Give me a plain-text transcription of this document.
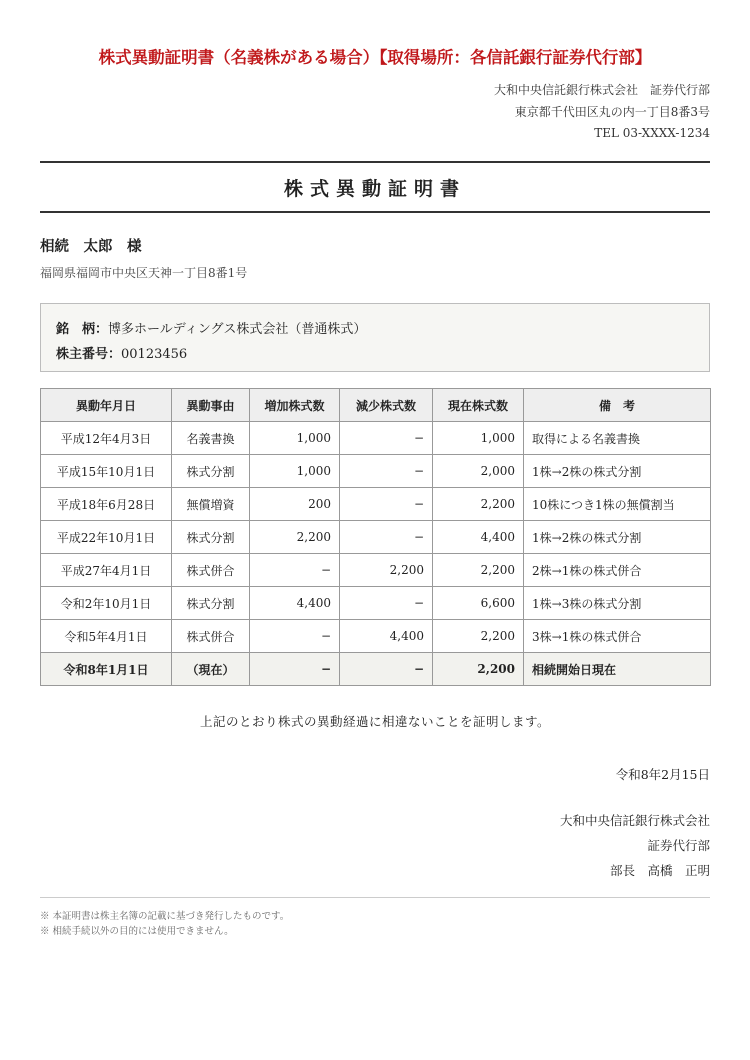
株式異動証明書（名義株がある場合）【取得場所：各信託銀行証券代行部】
大和中央信託銀行株式会社　証券代行部
東京都千代田区丸の内一丁目8番3号
TEL 03-XXXX-1234
株式異動証明書
相続　太郎　様
福岡県福岡市中央区天神一丁目8番1号
銘　柄：博多ホールディングス株式会社（普通株式）
株主番号：00123456
異動年月日	異動事由	増加株式数	減少株式数	現在株式数	備　考
平成12年4月3日	名義書換	1,000	−	1,000	取得による名義書換
平成15年10月1日	株式分割	1,000	−	2,000	1株→2株の株式分割
平成18年6月28日	無償増資	200	−	2,200	10株につき1株の無償割当
平成22年10月1日	株式分割	2,200	−	4,400	1株→2株の株式分割
平成27年4月1日	株式併合	−	2,200	2,200	2株→1株の株式併合
令和2年10月1日	株式分割	4,400	−	6,600	1株→3株の株式分割
令和5年4月1日	株式併合	−	4,400	2,200	3株→1株の株式併合
令和8年1月1日	（現在）	−	−	2,200	相続開始日現在
上記のとおり株式の異動経過に相違ないことを証明します。
令和8年2月15日
大和中央信託銀行株式会社
証券代行部
部長　高橋　正明
※ 本証明書は株主名簿の記載に基づき発行したものです。
※ 相続手続以外の目的には使用できません。
